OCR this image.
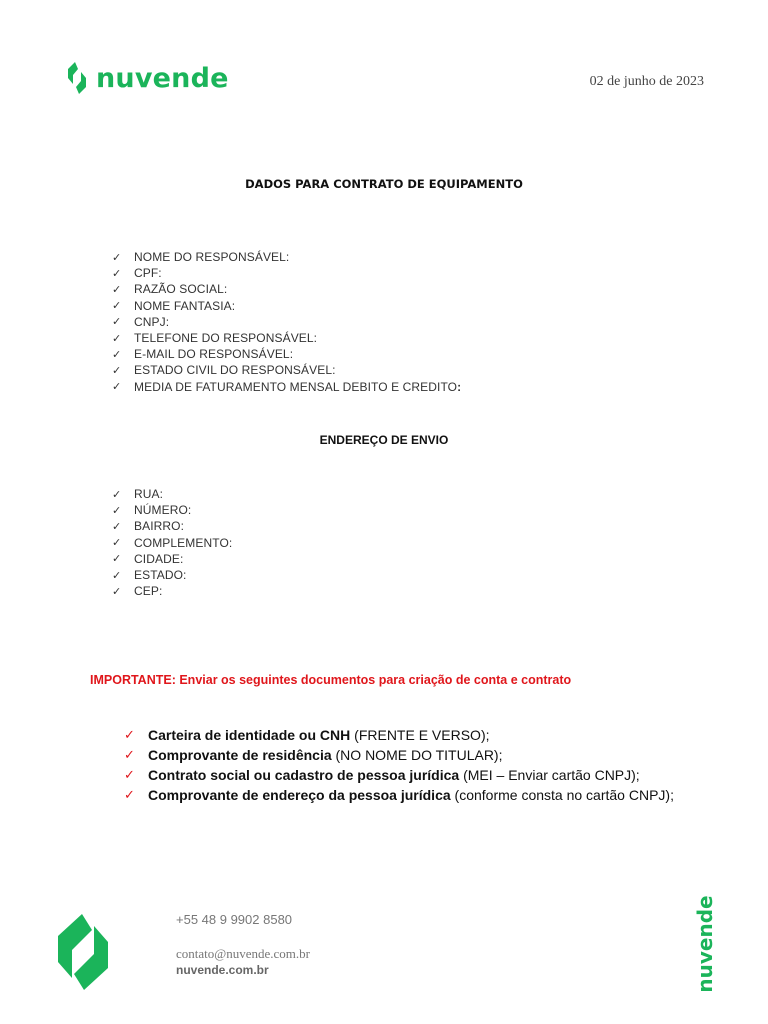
nuvende	02 de junho de 2023
DADOS PARA CONTRATO DE EQUIPAMENTO
✓	NOME DO RESPONSÁVEL:
✓	CPF:
✓	RAZÃO SOCIAL:
✓	NOME FANTASIA:
✓	CNPJ:
✓	TELEFONE DO RESPONSÁVEL:
✓	E-MAIL DO RESPONSÁVEL:
✓	ESTADO CIVIL DO RESPONSÁVEL:
✓	MEDIA DE FATURAMENTO MENSAL DEBITO E CREDITO:
ENDEREÇO DE ENVIO
✓	RUA:
✓	NÚMERO:
✓	BAIRRO:
✓	COMPLEMENTO:
✓	CIDADE:
✓	ESTADO:
✓	CEP:
IMPORTANTE: Enviar os seguintes documentos para criação de conta e contrato
✓ Carteira de identidade ou CNH (FRENTE E VERSO);
✓ Comprovante de residência (NO NOME DO TITULAR);
✓ Contrato social ou cadastro de pessoa jurídica (MEI – Enviar cartão CNPJ);
✓ Comprovante de endereço da pessoa jurídica (conforme consta no cartão CNPJ);
+55 48 9 9902 8580
contato@nuvende.com.br
nuvende.com.br	nuvende
